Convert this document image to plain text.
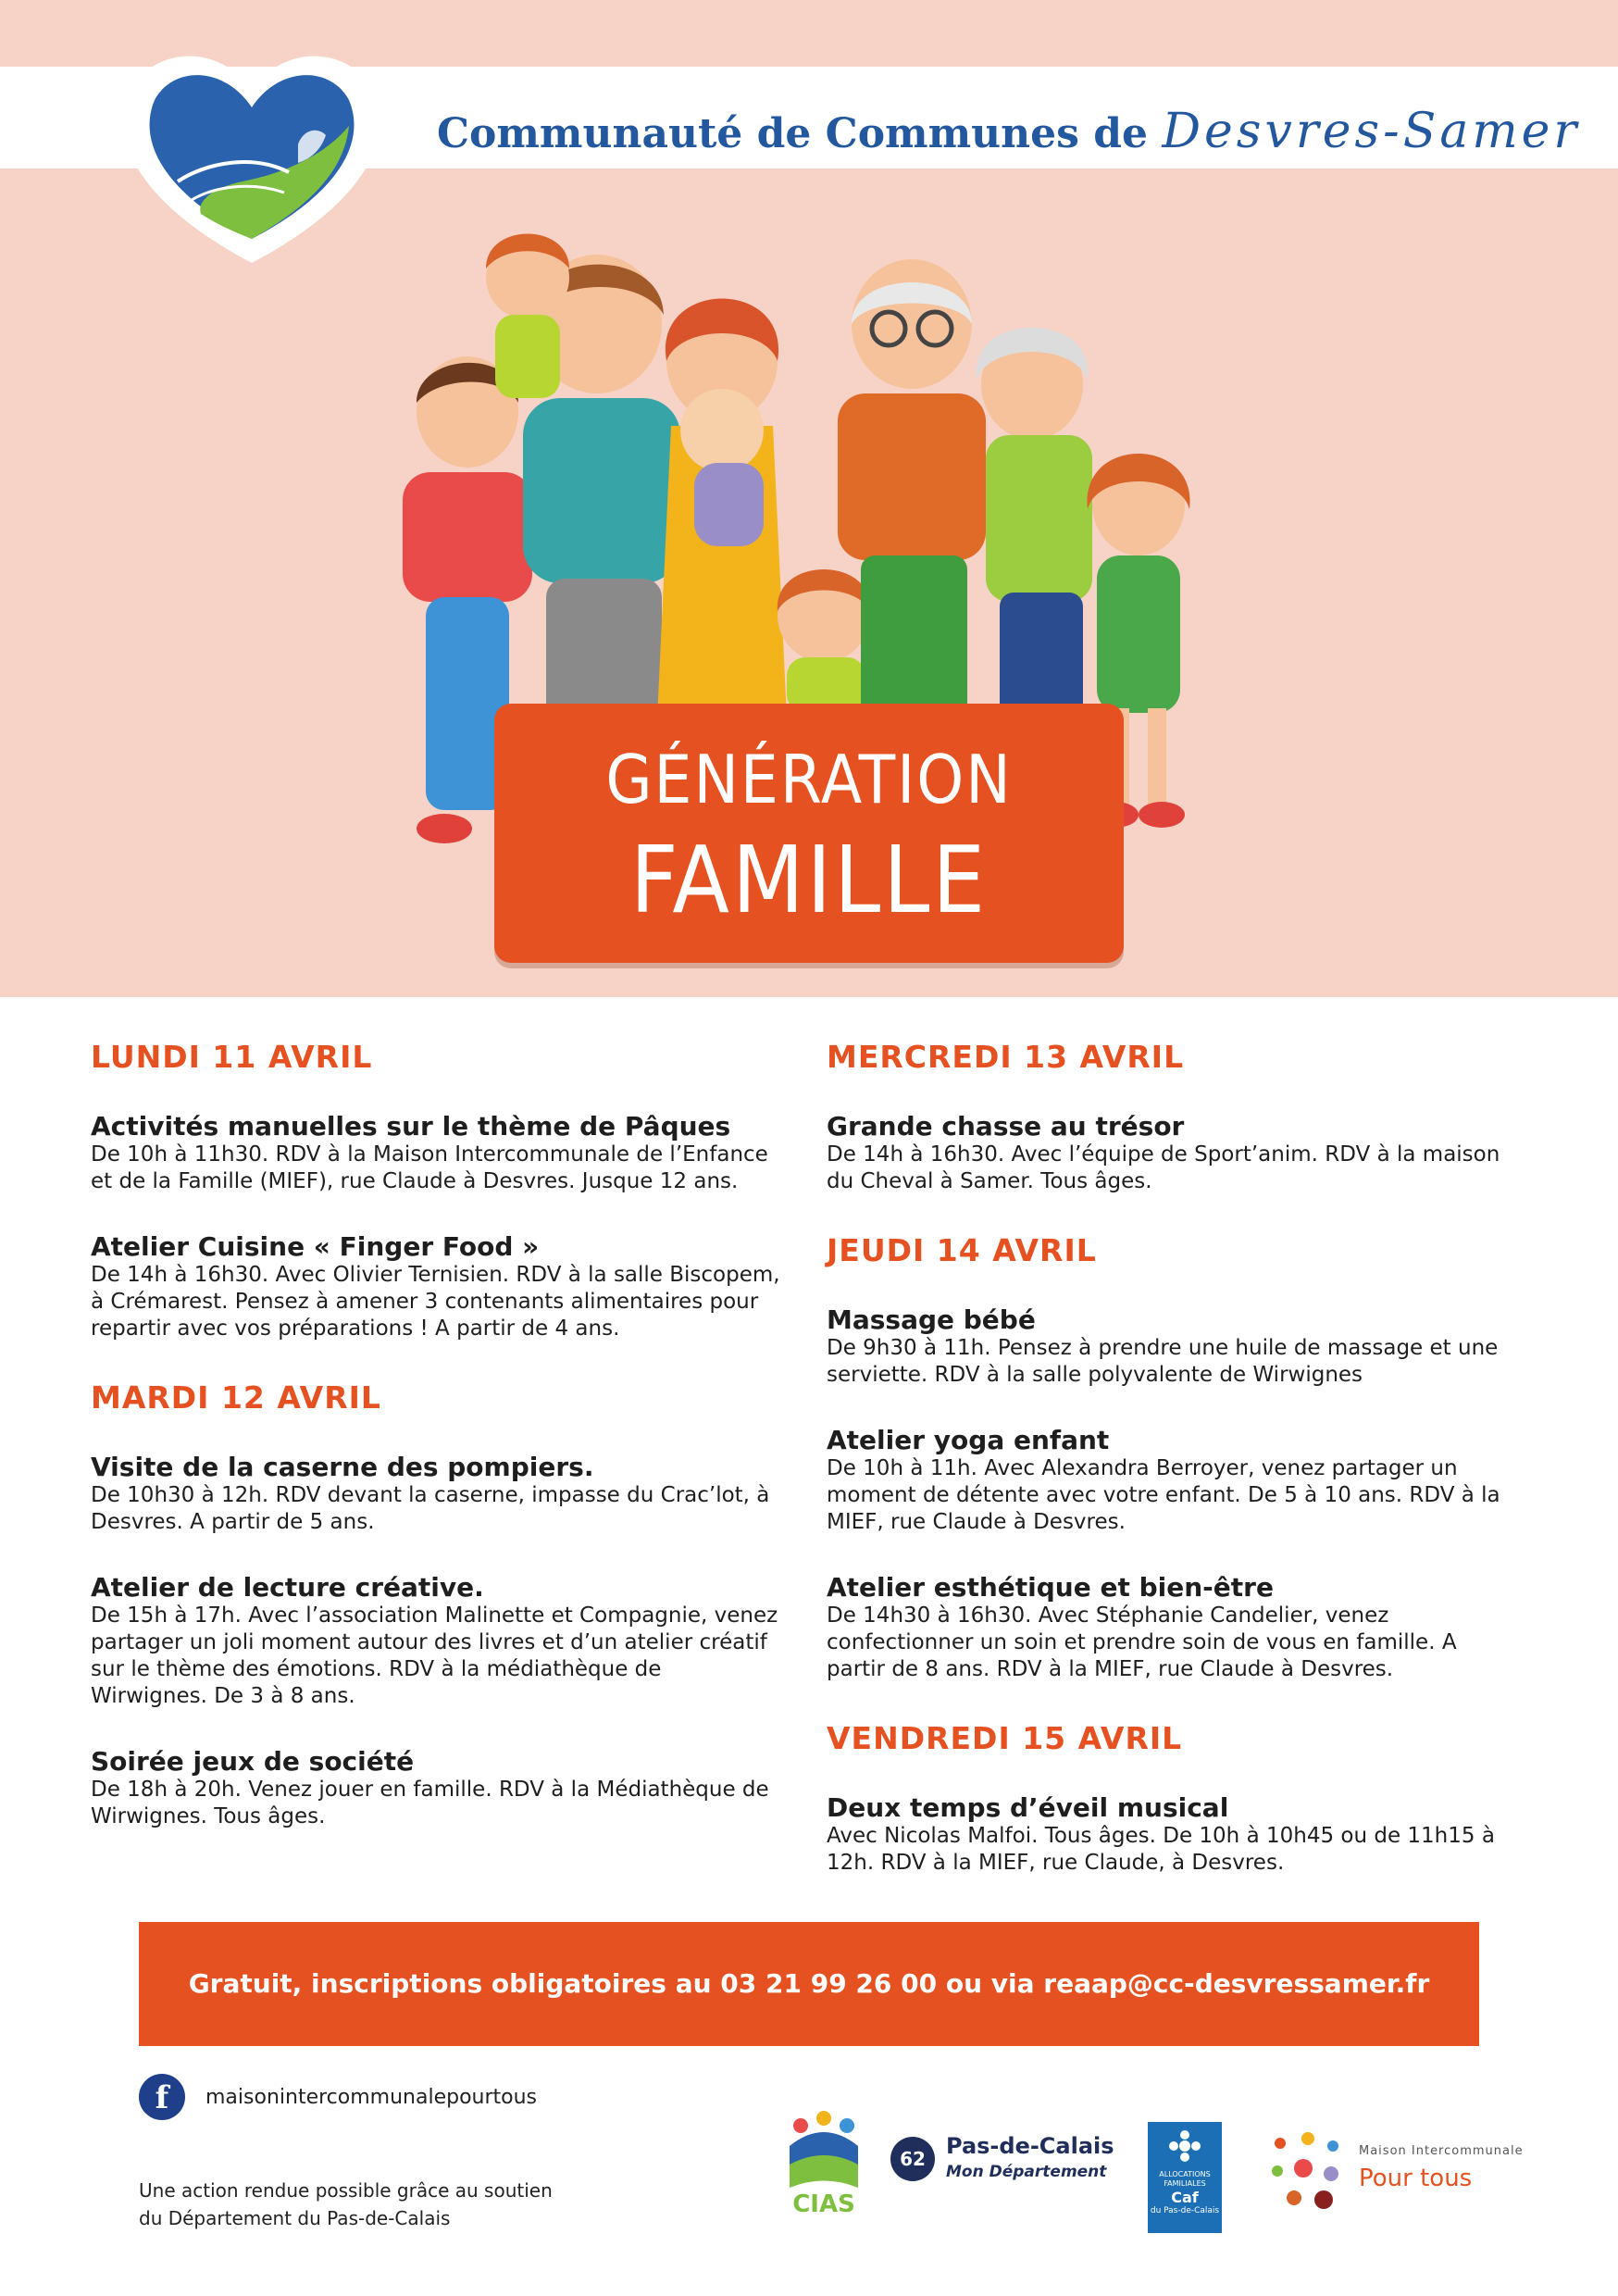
Communauté de Communes de Desvres-Samer
GÉNÉRATION
FAMILLE
LUNDI 11 AVRIL
Activités manuelles sur le thème de Pâques
De 10h à 11h30. RDV à la Maison Intercommunale de l’Enfance et de la Famille (MIEF), rue Claude à Desvres. Jusque 12 ans.
Atelier Cuisine « Finger Food »
De 14h à 16h30. Avec Olivier Ternisien. RDV à la salle Biscopem, à Crémarest. Pensez à amener 3 contenants alimentaires pour repartir avec vos préparations ! A partir de 4 ans.
MARDI 12 AVRIL
Visite de la caserne des pompiers.
De 10h30 à 12h. RDV devant la caserne, impasse du Crac’lot, à Desvres. A partir de 5 ans.
Atelier de lecture créative.
De 15h à 17h. Avec l’association Malinette et Compagnie, venez partager un joli moment autour des livres et d’un atelier créatif sur le thème des émotions. RDV à la médiathèque de Wirwignes. De 3 à 8 ans.
Soirée jeux de société
De 18h à 20h. Venez jouer en famille. RDV à la Médiathèque de Wirwignes. Tous âges.
MERCREDI 13 AVRIL
Grande chasse au trésor
De 14h à 16h30. Avec l’équipe de Sport’anim. RDV à la maison du Cheval à Samer. Tous âges.
JEUDI 14 AVRIL
Massage bébé
De 9h30 à 11h. Pensez à prendre une huile de massage et une serviette. RDV à la salle polyvalente de Wirwignes
Atelier yoga enfant
De 10h à 11h. Avec Alexandra Berroyer, venez partager un moment de détente avec votre enfant. De 5 à 10 ans. RDV à la MIEF, rue Claude à Desvres.
Atelier esthétique et bien-être
De 14h30 à 16h30. Avec Stéphanie Candelier, venez confectionner un soin et prendre soin de vous en famille. A partir de 8 ans. RDV à la MIEF, rue Claude à Desvres.
VENDREDI 15 AVRIL
Deux temps d’éveil musical
Avec Nicolas Malfoi. Tous âges. De 10h à 10h45 ou de 11h15 à 12h. RDV à la MIEF, rue Claude, à Desvres.
Gratuit, inscriptions obligatoires au 03 21 99 26 00 ou via reaap@cc-desvressamer.fr
f	maisonintercommunalepourtous
Une action rendue possible grâce au soutien
du Département du Pas-de-Calais	CIAS
62 Pas-de-Calais
Mon Département	ALLOCATIONS FAMILIALES
Caf
du Pas-de-Calais
Maison Intercommunale
Pour tous
